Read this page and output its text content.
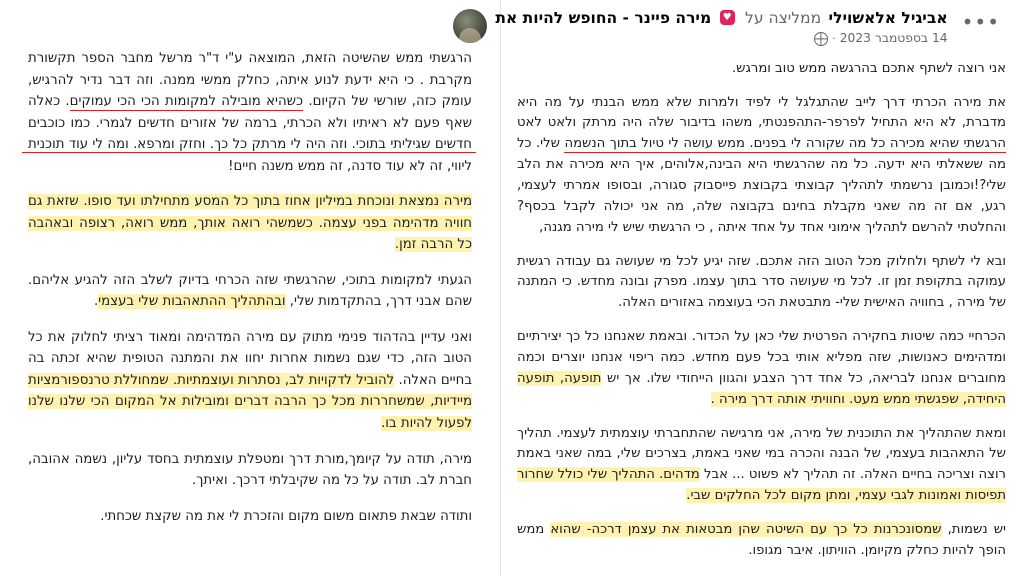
הרגשתי ממש שהשיטה הזאת, המוצאה ע"י ד"ר מרשל מחבר הספר תקשורת מקרבת . כי היא ידעת לנוע איתה, כחלק ממשי ממנה. וזה דבר נדיר להרגיש, עומק כזה, שורשי של הקיום. כשהיא מובילה למקומות הכי הכי עמוקים. כאלה שאף פעם לא ראיתיו ולא הכרתי, ברמה של אזורים חדשים לגמרי. כמו כוכבים חדשים שגיליתי בתוכי. וזה היה לי מרתק כל כך. וחזק ומרפא. ומה לי עוד תוכנית ליווי, זה לא עוד סדנה, זה ממש משנה חיים!

מירה נמצאת ונוכחת במיליון אחוז בתוך כל המסע מתחילתו ועד סופו. שזאת גם חוויה מדהימה בפני עצמה. כשמשהי רואה אותך, ממש רואה, רצופה ובאהבה כל הרבה זמן.

הגעתי למקומות בתוכי, שהרגשתי שזה הכרחי בדיוק לשלב הזה להגיע אליהם. שהם אבני דרך, בהתקדמות שלי, ובהתהליך ההתאהבות שלי בעצמי.

ואני עדיין בהדהוד פנימי מתוק עם מירה המדהימה ומאוד רציתי לחלוק את כל הטוב הזה, כדי שגם נשמות אחרות יחוו את והמתנה הטופית שהיא זכתה בה בחיים האלה. להוביל לדקויות לב, נסתרות ועוצמתיות. שמחוללת טרנספורמציות מיידיות, שמשחררות מכל כך הרבה דברים ומובילות אל המקום הכי שלנו שלנו לפעול להיות בו.

מירה, תודה על קיומך,מורת דרך ומטפלת עוצמתית בחסד עליון, נשמה אהובה, חברת לב. תודה על כל מה שקיבלתי דרכך. ואיתך.

ותודה שבאת פתאום משום מקום והזכרת לי את מה שקצת שכחתי.

אביגיל אלאשוילי ממליצה על ♥ מירה פיינר - החופש להיות את
14 בספטמבר 2023
·
•••

אני רוצה לשתף אתכם בהרגשה ממש טוב ומרגש.

את מירה הכרתי דרך לייב שהתגלגל לי לפיד ולמרות שלא ממש הבנתי על מה היא מדברת, לא היא התחיל לפרפר-התהפנטתי, משהו בדיבור שלה היה מרתק ולאט לאט הרגשתי שהיא מכירה כל מה שקורה לי בפנים. ממש עושה לי טיול בתוך הנשמה שלי. כל מה ששאלתי היא ידעה. כל מה שהרגשתי היא הבינה,אלוהים, איך היא מכירה את הלב שלי?!וכמובן נרשמתי לתהליך קבוצתי בקבוצת פייסבוק סגורה, ובסופו אמרתי לעצמי, רגע, אם זה מה שאני מקבלת בחינם בקבוצה שלה, מה אני יכולה לקבל בכסף? והחלטתי להרשם לתהליך אימוני אחד על אחד איתה , כי הרגשתי שיש לי מירה מגנה,

ובא לי לשתף ולחלוק מכל הטוב הזה אתכם. שזה יגיע לכל מי שעושה גם עבודה רגשית עמוקה בתקופת זמן זו. לכל מי שעושה סדר בתוך עצמו. מפרק ובונה מחדש. כי המתנה של מירה , בחוויה האישית שלי- מתבטאת הכי בעוצמה באזורים האלה.

הכרחיי כמה שיטות בחקירה הפרטית שלי כאן על הכדור. ובאמת שאנחנו כל כך יצירתיים ומדהימים כאנושות, שזה מפליא אותי בכל פעם מחדש. כמה ריפוי אנחנו יוצרים וכמה מחוברים אנחנו לבריאה, כל אחד דרך הצבע והגוון הייחודי שלו. אך יש תופעה, תופעה היחידה, שפגשתי ממש מעט. וחוויתי אותה דרך מירה .

ומאת שהתהליך את התוכנית של מירה, אני מרגישה שהתחברתי עוצמתית לעצמי. תהליך של התאהבות בעצמי, של הבנה והכרה במי שאני באמת, בצרכים שלי, במה שאני באמת רוצה וצריכה בחיים האלה. זה תהליך לא פשוט ... אבל מדהים. התהליך שלי כולל שחרור תפיסות ואמונות לגבי עצמי, ומתן מקום לכל החלקים שבי.

יש נשמות, שמסונכרנות כל כך עם השיטה שהן מבטאות את עצמן דרכה- שהוא ממש הופך להיות כחלק מקיומן. הוויתון. איבר מגופו.
